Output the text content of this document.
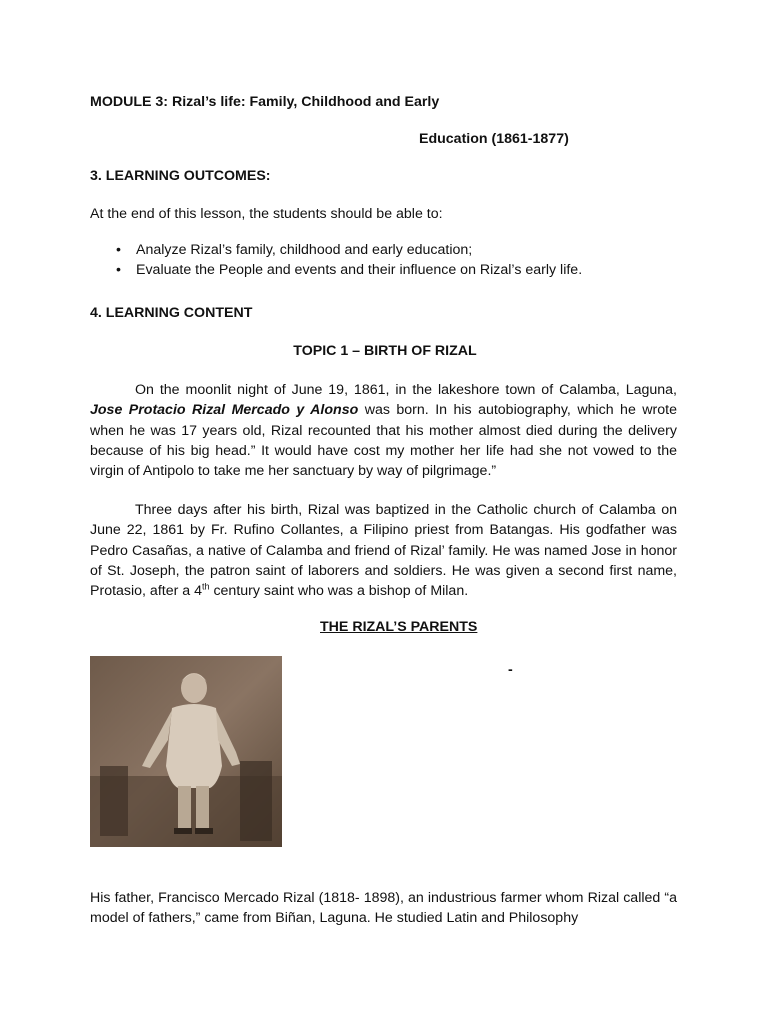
MODULE 3: Rizal’s life: Family, Childhood and Early
Education (1861-1877)
3. LEARNING OUTCOMES:
At the end of this lesson, the students should be able to:
• Analyze Rizal’s family, childhood and early education;
• Evaluate the People and events and their influence on Rizal’s early life.
4. LEARNING CONTENT
TOPIC 1 – BIRTH OF RIZAL
On the moonlit night of June 19, 1861, in the lakeshore town of Calamba, Laguna, Jose Protacio Rizal Mercado y Alonso was born. In his autobiography, which he wrote when he was 17 years old, Rizal recounted that his mother almost died during the delivery because of his big head.” It would have cost my mother her life had she not vowed to the virgin of Antipolo to take me her sanctuary by way of pilgrimage.”
Three days after his birth, Rizal was baptized in the Catholic church of Calamba on June 22, 1861 by Fr. Rufino Collantes, a Filipino priest from Batangas. His godfather was Pedro Casañas, a native of Calamba and friend of Rizal’ family. He was named Jose in honor of St. Joseph, the patron saint of laborers and soldiers. He was given a second first name, Protasio, after a 4th century saint who was a bishop of Milan.
THE RIZAL’S PARENTS
-
His father, Francisco Mercado Rizal (1818- 1898), an industrious farmer whom Rizal called “a model of fathers,” came from Biñan, Laguna. He studied Latin and Philosophy
